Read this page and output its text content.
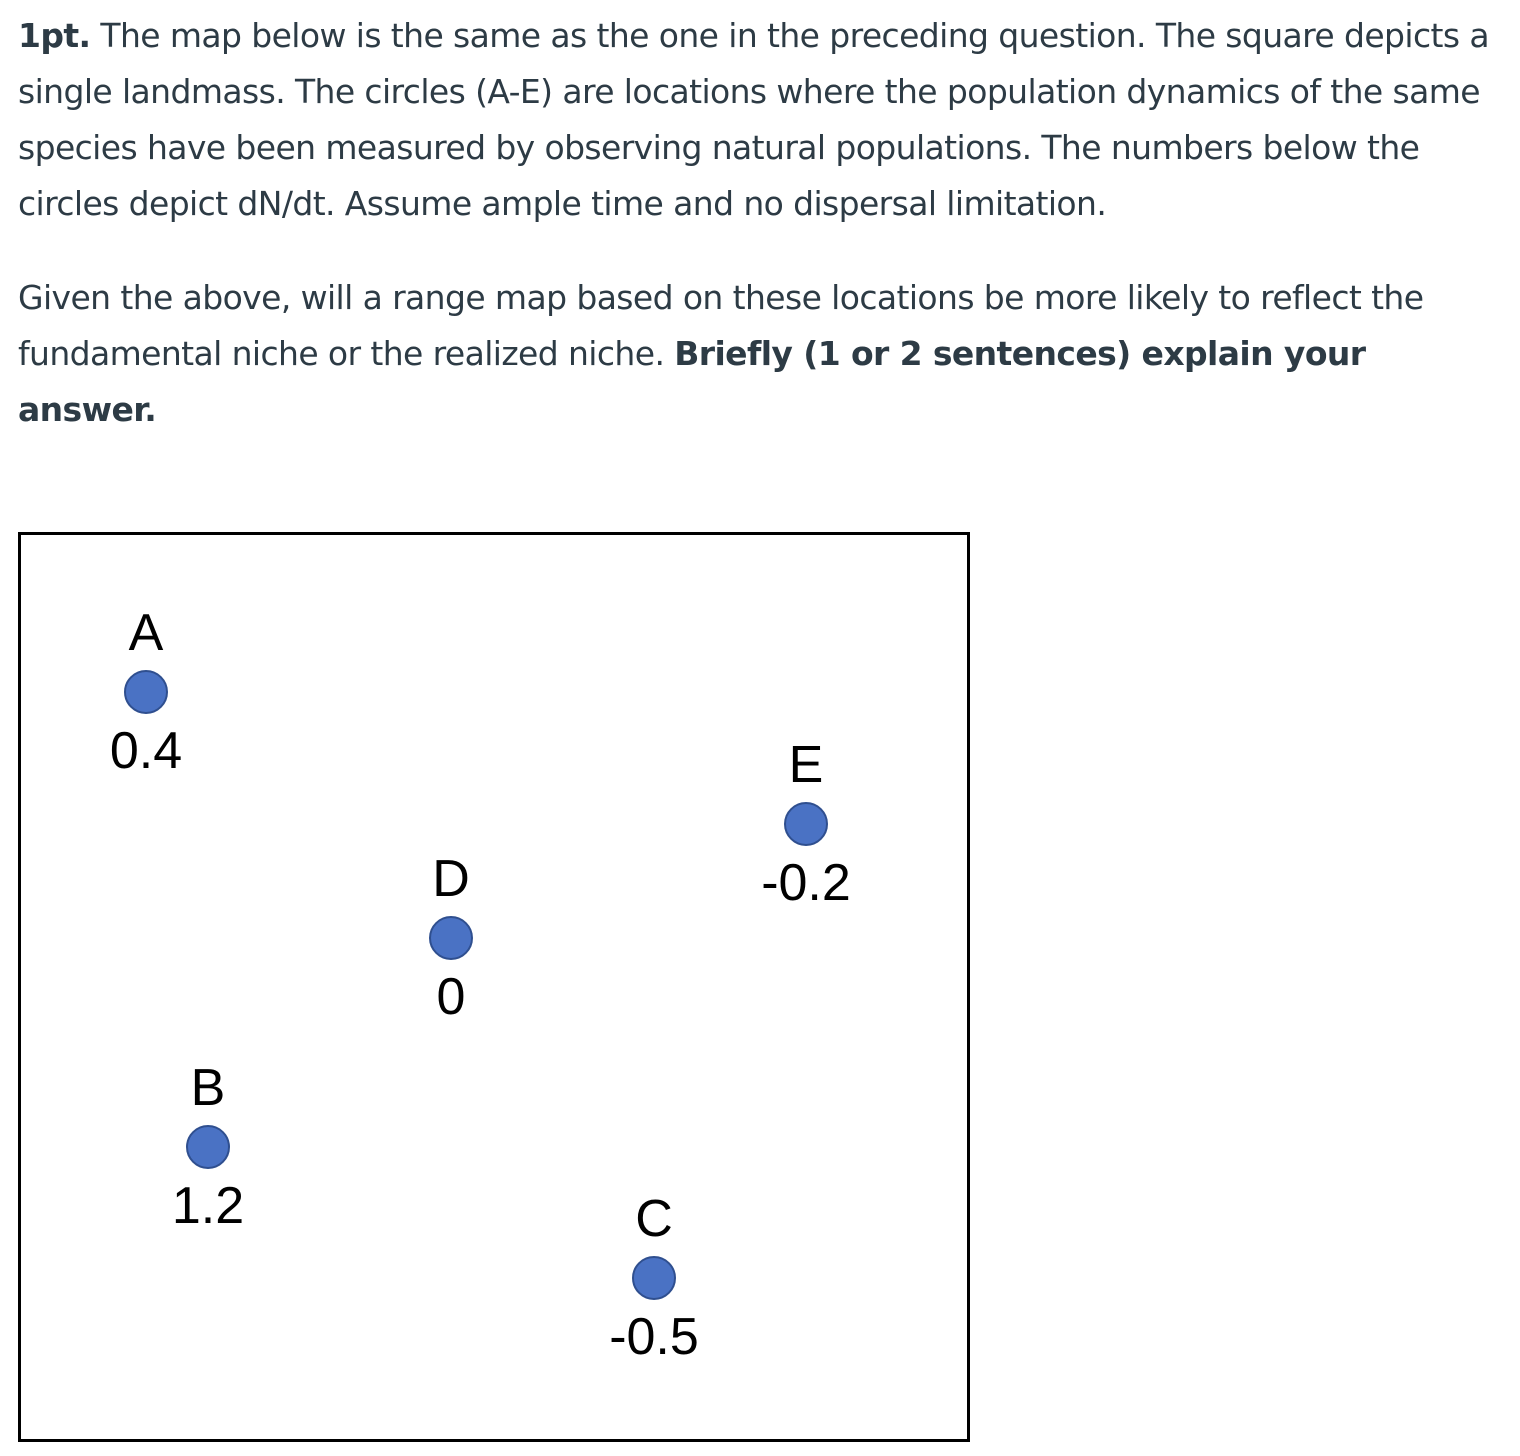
1pt. The map below is the same as the one in the preceding question. The square depicts a single landmass. The circles (A-E) are locations where the population dynamics of the same species have been measured by observing natural populations. The numbers below the circles depict dN/dt. Assume ample time and no dispersal limitation.

Given the above, will a range map based on these locations be more likely to reflect the fundamental niche or the realized niche. Briefly (1 or 2 sentences) explain your answer.

A
0.4
B
1.2	C
-0.5
D
0
E
-0.2
